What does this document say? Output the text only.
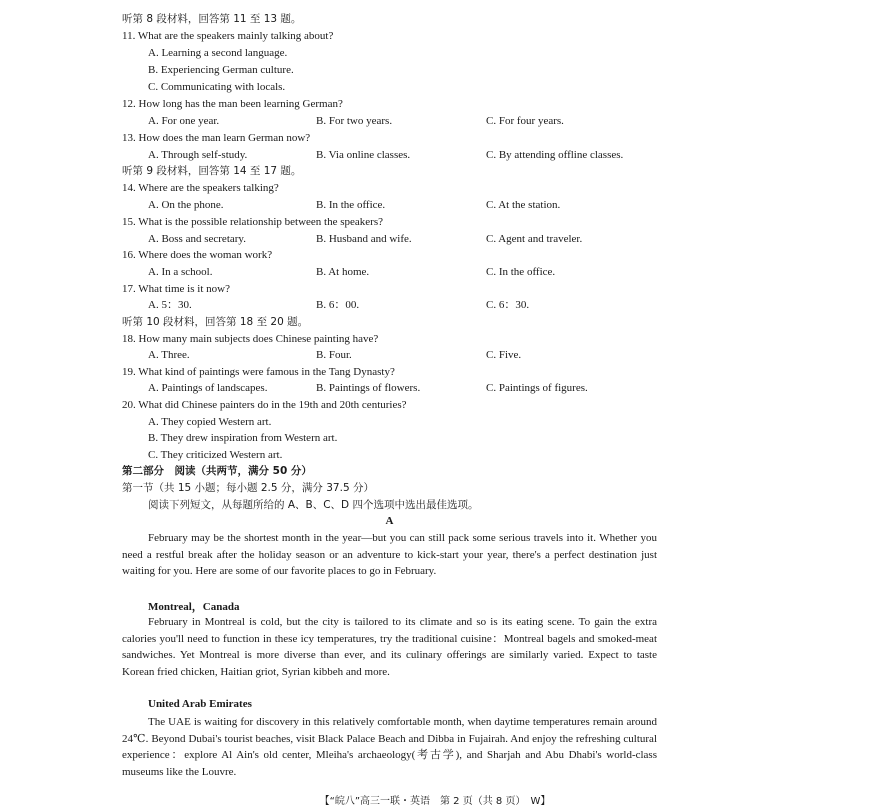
听第 8 段材料，回答第 11 至 13 题。
11. What are the speakers mainly talking about?
A. Learning a second language.
B. Experiencing German culture.
C. Communicating with locals.
12. How long has the man been learning German?
A. For one year.	B. For two years.	C. For four years.
13. How does the man learn German now?
A. Through self-study.	B. Via online classes.	C. By attending offline classes.
听第 9 段材料，回答第 14 至 17 题。
14. Where are the speakers talking?
A. On the phone.	B. In the office.	C. At the station.
15. What is the possible relationship between the speakers?
A. Boss and secretary.	B. Husband and wife.	C. Agent and traveler.
16. Where does the woman work?
A. In a school.	B. At home.	C. In the office.
17. What time is it now?
A. 5：30.	B. 6：00.	C. 6：30.
听第 10 段材料，回答第 18 至 20 题。
18. How many main subjects does Chinese painting have?
A. Three.	B. Four.	C. Five.
19. What kind of paintings were famous in the Tang Dynasty?
A. Paintings of landscapes.	B. Paintings of flowers.	C. Paintings of figures.
20. What did Chinese painters do in the 19th and 20th centuries?
A. They copied Western art.
B. They drew inspiration from Western art.
C. They criticized Western art.
第二部分　阅读（共两节，满分 50 分）
第一节（共 15 小题；每小题 2.5 分，满分 37.5 分）
阅读下列短文，从每题所给的 A、B、C、D 四个选项中选出最佳选项。
A
February may be the shortest month in the year—but you can still pack some serious travels into it. Whether you need a restful break after the holiday season or an adventure to kick-start your year, there's a perfect destination just waiting for you. Here are some of our favorite places to go in February.
Montreal，Canada
February in Montreal is cold, but the city is tailored to its climate and so is its eating scene. To gain the extra calories you'll need to function in these icy temperatures, try the traditional cuisine：Montreal bagels and smoked-meat sandwiches. Yet Montreal is more diverse than ever, and its culinary offerings are similarly varied. Expect to taste Korean fried chicken, Haitian griot, Syrian kibbeh and more.
United Arab Emirates
The UAE is waiting for discovery in this relatively comfortable month, when daytime temperatures remain around 24℃. Beyond Dubai's tourist beaches, visit Black Palace Beach and Dibba in Fujairah. And enjoy the refreshing cultural experience：explore Al Ain's old center, Mleiha's archaeology(考古学), and Sharjah and Abu Dhabi's world-class museums like the Louvre.
【“皖八”高三一联・英语　第 2 页（共 8 页）　W】
